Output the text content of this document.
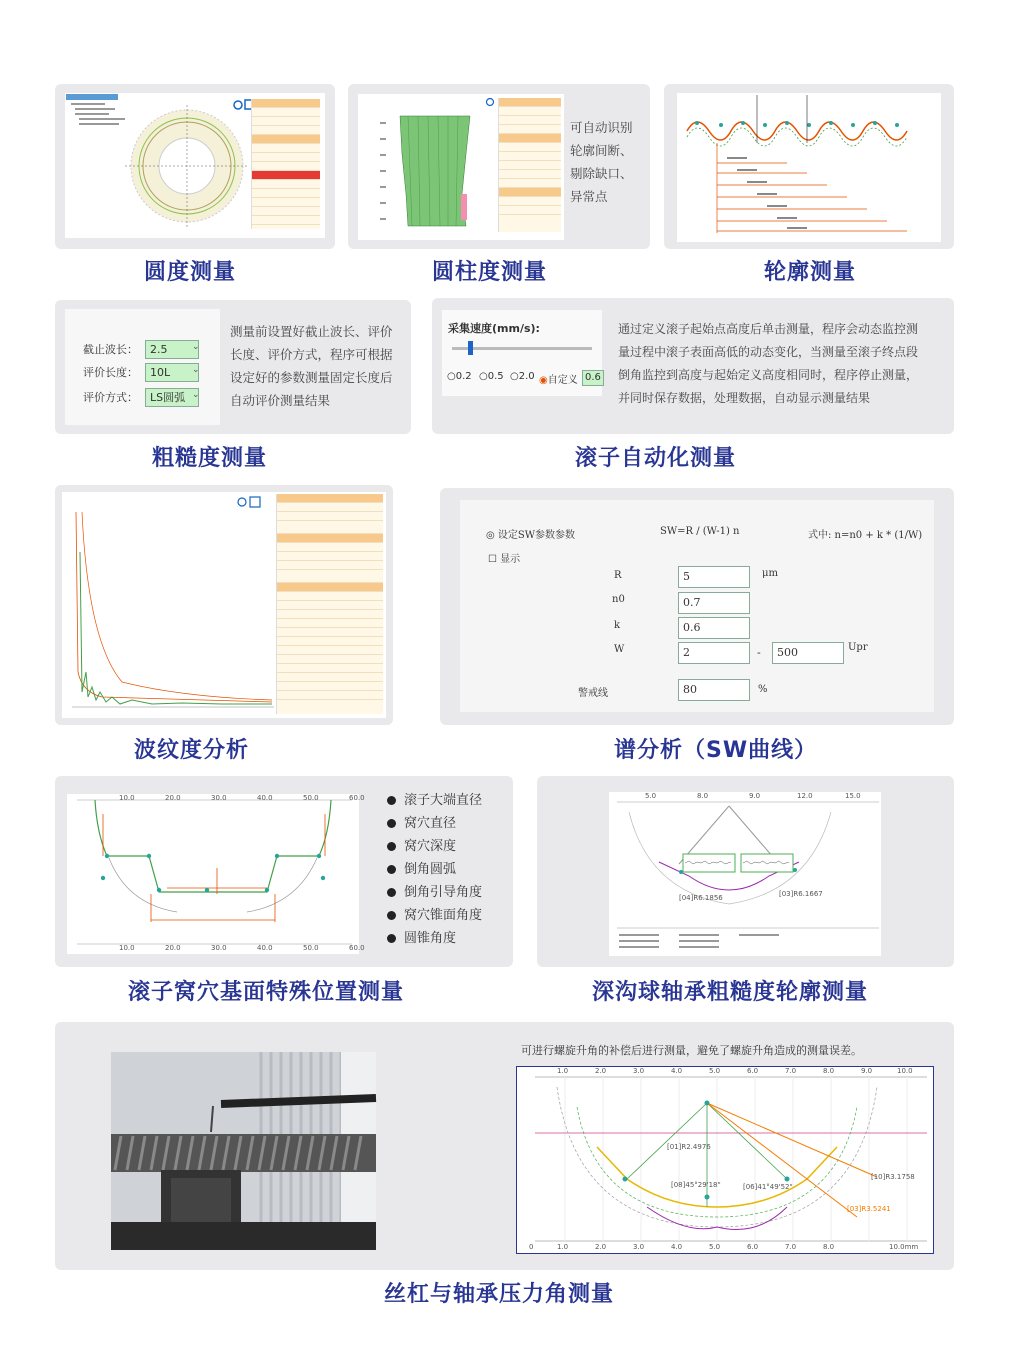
圆度测量
可自动识别
轮廓间断、
剔除缺口、
异常点
圆柱度测量	轮廓测量
截止波长：	2.5
评价长度：	10L
评价方式：	LS圆弧
⌄
⌄
⌄
测量前设置好截止波长、评价
长度、评价方式，程序可根据
设定好的参数测量固定长度后
自动评价测量结果
粗糙度测量
采集速度(mm/s):
○0.2 ○0.5 ○2.0 ◉自定义 0.6
通过定义滚子起始点高度后单击测量，程序会动态监控测
量过程中滚子表面高低的动态变化，当测量至滚子终点段
倒角监控到高度与起始定义高度相同时，程序停止测量，
并同时保存数据，处理数据，自动显示测量结果
滚子自动化测量
波纹度分析
◎ 设定SW参数参数
☐ 显示
SW=R / (W-1) n	式中: n=n0 + k * (1/W)
R	5	μm
n0	0.7
k	0.6
W	2	-	500	Upr
警戒线	80	%
谱分析（SW曲线）
10.0	20.0	30.0	40.0	50.0	60.0
10.0	20.0	30.0	40.0	50.0	60.0
滚子大端直径
窝穴直径
窝穴深度
倒角圆弧
倒角引导角度
窝穴锥面角度
圆锥角度
滚子窝穴基面特殊位置测量
5.0	8.0	9.0	12.0	15.0
[04]R6.1856	[03]R6.1667
深沟球轴承粗糙度轮廓测量
可进行螺旋升角的补偿后进行测量，避免了螺旋升角造成的测量误差。
1.0	2.0	3.0	4.0	5.0	6.0	7.0	8.0	9.0	10.0
0	1.0	2.0	3.0	4.0	5.0	6.0	7.0	8.0	10.0mm
[01]R2.4976
[08]45°29'18"	[06]41°49'52"
[10]R3.1758
[03]R3.5241
丝杠与轴承压力角测量
